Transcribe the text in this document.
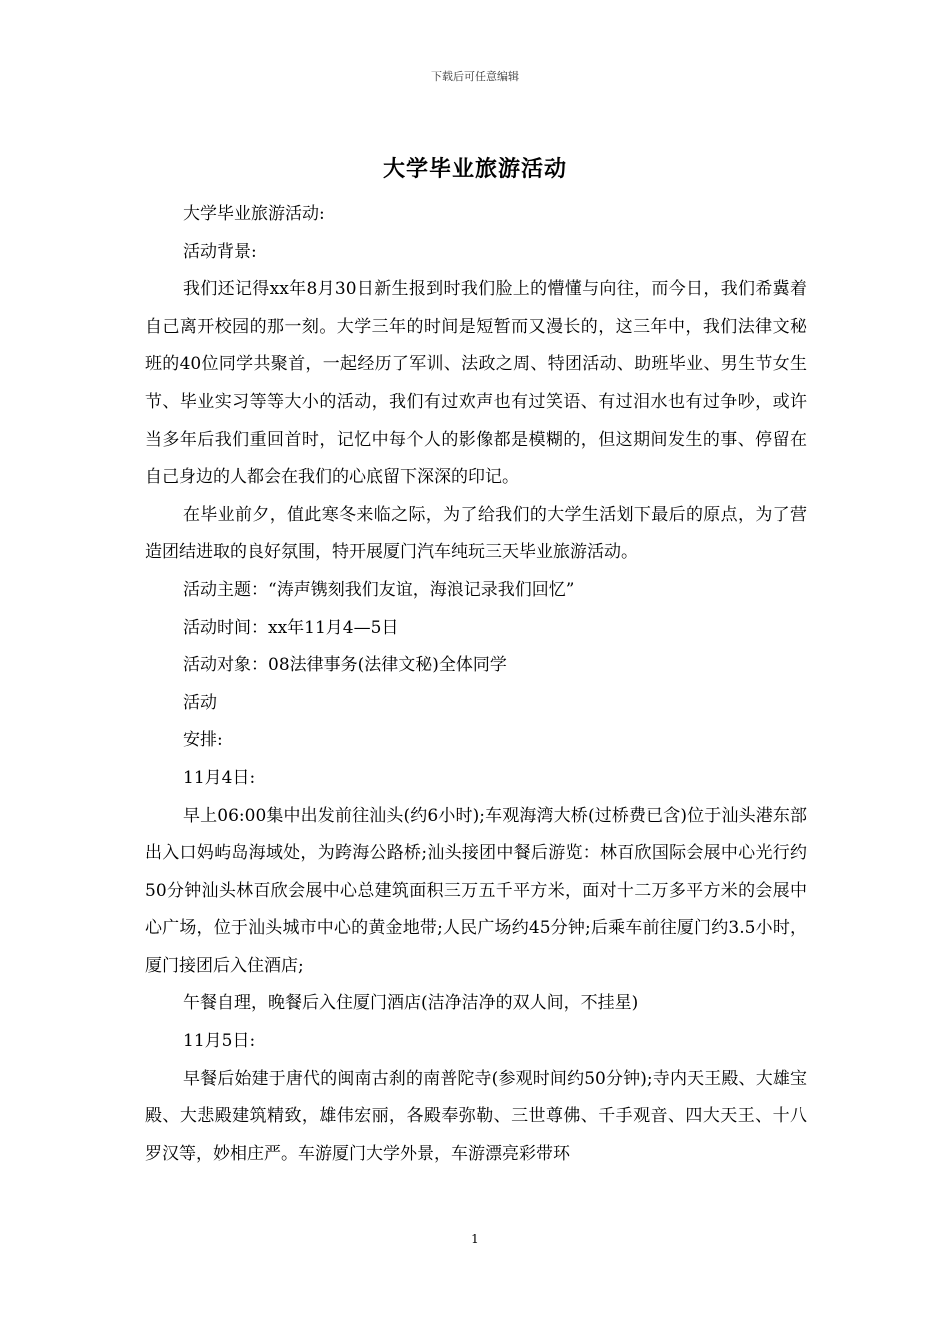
下载后可任意编辑
大学毕业旅游活动

大学毕业旅游活动:

活动背景:

我们还记得xx年8月30日新生报到时我们脸上的懵懂与向往，而今日，我们希冀着自己离开校园的那一刻。大学三年的时间是短暂而又漫长的，这三年中，我们法律文秘班的40位同学共聚首，一起经历了军训、法政之周、特团活动、助班毕业、男生节女生节、毕业实习等等大小的活动，我们有过欢声也有过笑语、有过泪水也有过争吵，或许当多年后我们重回首时，记忆中每个人的影像都是模糊的，但这期间发生的事、停留在自己身边的人都会在我们的心底留下深深的印记。

在毕业前夕，值此寒冬来临之际，为了给我们的大学生活划下最后的原点，为了营造团结进取的良好氛围，特开展厦门汽车纯玩三天毕业旅游活动。

活动主题：“涛声镌刻我们友谊，海浪记录我们回忆”

活动时间：xx年11月4—5日

活动对象：08法律事务(法律文秘)全体同学

活动

安排:

11月4日:

早上06:00集中出发前往汕头(约6小时);车观海湾大桥(过桥费已含)位于汕头港东部出入口妈屿岛海域处，为跨海公路桥;汕头接团中餐后游览：林百欣国际会展中心光行约50分钟汕头林百欣会展中心总建筑面积三万五千平方米，面对十二万多平方米的会展中心广场，位于汕头城市中心的黄金地带;人民广场约45分钟;后乘车前往厦门约3.5小时，厦门接团后入住酒店;

午餐自理，晚餐后入住厦门酒店(洁净洁净的双人间，不挂星)

11月5日:

早餐后始建于唐代的闽南古刹的南普陀寺(参观时间约50分钟);寺内天王殿、大雄宝殿、大悲殿建筑精致，雄伟宏丽，各殿奉弥勒、三世尊佛、千手观音、四大天王、十八罗汉等，妙相庄严。车游厦门大学外景，车游漂亮彩带环

1
